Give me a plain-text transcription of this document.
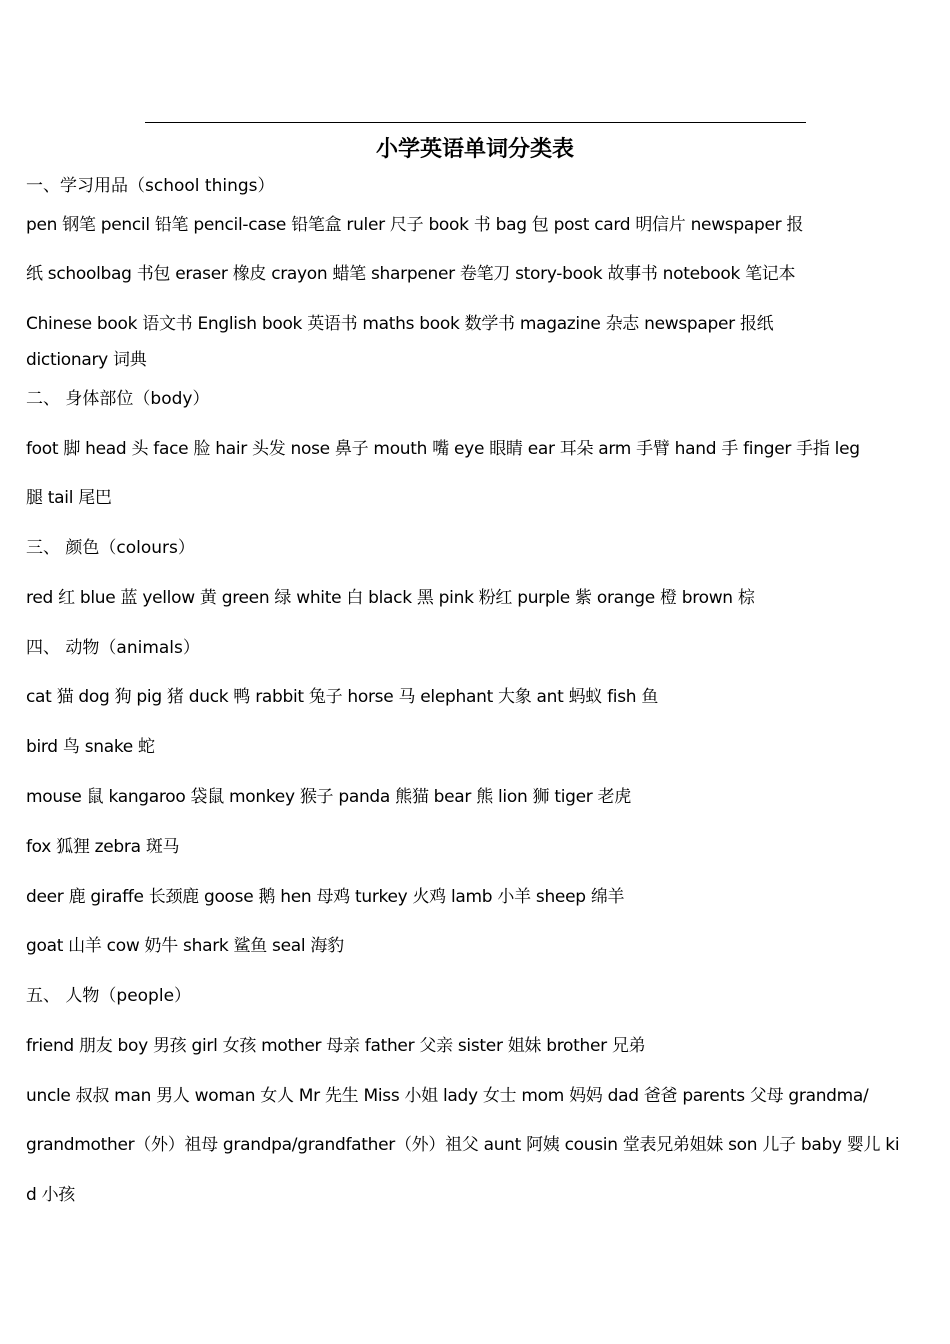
小学英语单词分类表
一、学习用品（school things）
pen 钢笔 pencil 铅笔 pencil-case 铅笔盒 ruler 尺子 book 书 bag 包 post card 明信片 newspaper 报
纸 schoolbag 书包 eraser 橡皮 crayon 蜡笔 sharpener 卷笔刀 story-book 故事书 notebook 笔记本
Chinese book 语文书 English book 英语书 maths book 数学书 magazine 杂志 newspaper 报纸
dictionary 词典
二、 身体部位（body）
foot 脚 head 头 face 脸 hair 头发 nose 鼻子 mouth 嘴 eye 眼睛 ear 耳朵 arm 手臂 hand 手 finger 手指 leg
腿 tail 尾巴
三、 颜色（colours）
red 红 blue 蓝 yellow 黄 green 绿 white 白 black 黑 pink 粉红 purple 紫 orange 橙 brown 棕
四、 动物（animals）
cat 猫 dog 狗 pig 猪 duck 鸭 rabbit 兔子 horse 马 elephant 大象 ant 蚂蚁 fish 鱼
bird 鸟 snake 蛇
mouse 鼠 kangaroo 袋鼠 monkey 猴子 panda 熊猫 bear 熊 lion 狮 tiger 老虎
fox 狐狸 zebra 斑马
deer 鹿 giraffe 长颈鹿 goose 鹅 hen 母鸡 turkey 火鸡 lamb 小羊 sheep 绵羊
goat 山羊 cow 奶牛 shark 鲨鱼 seal 海豹
五、 人物（people）
friend 朋友 boy 男孩 girl 女孩 mother 母亲 father 父亲 sister 姐妹 brother 兄弟
uncle 叔叔 man 男人 woman 女人 Mr 先生 Miss 小姐 lady 女士 mom 妈妈 dad 爸爸 parents 父母 grandma/
grandmother（外）祖母 grandpa/grandfather（外）祖父 aunt 阿姨 cousin 堂表兄弟姐妹 son 儿子 baby 婴儿 ki
d 小孩
